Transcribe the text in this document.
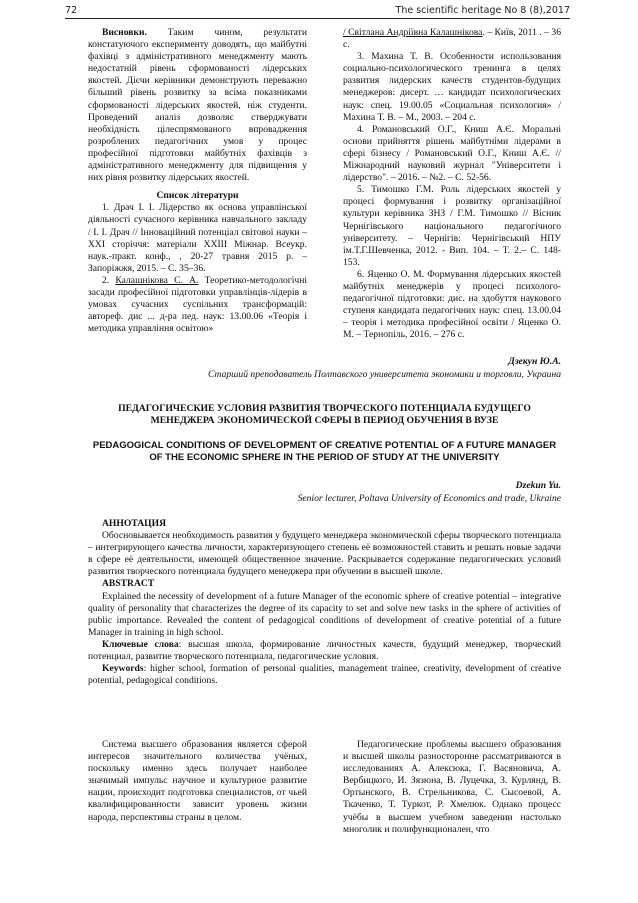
72	The scientific heritage No 8 (8),2017

Висновки. Таким чином, результати констатуючого експерименту доводять, що майбутні фахівці з адміністративного менеджменту мають недостатній рівень сформованості лідерських якостей. Дієчи керівники демонструють переважно більший рівень розвитку за всіма показниками сформованості лідерських якостей, ніж студенти. Проведений аналіз дозволяє стверджувати необхідність цілеспрямованого впровадження розроблених педагогічних умов у процес професійної підготовки майбутніх фахівців з адміністративного менеджменту для підвищення у них рівня розвитку лідерських якостей.

Список літератури

1. Драч І. І. Лідерство як основа управлінської діяльності сучасного керівника навчального закладу / І. І. Драч // Інноваційний потенціал світової науки – XXI сторіччя: матеріали XXIII Міжнар. Всеукр. наук.-практ. конф., , 20-27 травня 2015 р. – Запоріжжя, 2015. – С. 35–36.

2. Калашнікова С. А. Теоретико-методологічні засади професійної підготовки управлінців-лідерів в умовах сучасних суспільних трансформацій: автореф. дис ... д-ра пед. наук: 13.00.06 «Теорія і методика управління освітою»

/ Світлана Андріївна Калашнікова. – Київ, 2011 . – 36 с.

3. Махина Т. В. Особенности использования социально-психологического тренинга в целях развития лидерских качеств студентов-будущих менеджеров: дисерт. … кандидат психологических наук: спец. 19.00.05 «Социальная психология» / Махина Т. В. – М., 2003. – 204 с.

4. Романовський О.Г., Книш А.Є. Моральні основи прийняття рішень майбутніми лідерами в сфері бізнесу / Романовський О.Г., Книш А.Є. // Міжнародний науковий журнал "Університети і лідерство". – 2016. – №2. – С. 52-56.

5. Тимошко Г.М. Роль лідерських якостей у процесі формування і розвитку організаційної культури керівника ЗНЗ / Г.М. Тимошко // Вісник Чернігівського національного педагогічного університету. – Чернігів: Чернігівський НПУ ім.Т.Г.Шевченка, 2012. - Вип. 104. – Т. 2.– С. 148-153.

6. Яценко О. М. Формування лідерських якостей майбутніх менеджерів у процесі психолого-педагогічної підготовки: дис. на здобуття наукового ступеня кандидата педагогічних наук: спец. 13.00.04 – теорія і методика професійної освіти / Яценко О. М. – Тернопіль, 2016. – 276 с.

Дзекун Ю.А.
Старший преподаватель Полтавского университета экономики и торговли, Украина
ПЕДАГОГИЧЕСКИЕ УСЛОВИЯ РАЗВИТИЯ ТВОРЧЕСКОГО ПОТЕНЦИАЛА БУДУЩЕГО МЕНЕДЖЕРА ЭКОНОМИЧЕСКОЙ СФЕРЫ В ПЕРИОД ОБУЧЕНИЯ В ВУЗЕ
PEDAGOGICAL CONDITIONS OF DEVELOPMENT OF CREATIVE POTENTIAL OF A FUTURE MANAGER OF THE ECONOMIC SPHERE IN THE PERIOD OF STUDY AT THE UNIVERSITY
Dzekun Yu.
Senior lecturer, Poltava University of Economics and trade, Ukraine

АННОТАЦИЯ

Обосновывается необходимость развития у будущего менеджера экономической сферы творческого потенциала – интегрирующего качества личности, характеризующего степень её возможностей ставить и решать новые задачи в сфере её деятельности, имеющей общественное значение. Раскрывается содержание педагогических условий развития творческого потенциала будущего менеджера при обучении в высшей школе.

ABSTRACT

Explained the necessity of development of a future Manager of the economic sphere of creative potential – integrative quality of personality that characterizes the degree of its capacity to set and solve new tasks in the sphere of activities of public importance. Revealed the content of pedagogical conditions of development of creative potential of a future Manager in training in high school.

Ключевые слова: высшая школа, формирование личностных качеств, будущий менеджер, творческий потенциал, развитие творческого потенциала, педагогические условия.

Keywords: higher school, formation of personal qualities, management trainee, creativity, development of creative potential, pedagogical conditions.

Система высшего образования является сферой интересов значительного количества учёных, поскольку именно здесь получает наиболее значимый импульс научное и культурное развитие нации, происходит подготовка специалистов, от чьей квалифицированности зависит уровень жизни народа, перспективы страны в целом.

Педагогические проблемы высшего образования и высшей школы разносторонне рассматриваются в исследованиях А. Алексюка, Г. Васяновича, А. Вербицкого, И. Зязюна, В. Луцечка, З. Курлянд, В. Ортынского, В. Стрельникова, С. Сысоевой, А. Ткаченко, Т. Туркот, Р. Хмелюк. Однако процесс учёбы в высшем учебном заведении настолько многолик и полифункционален, что
